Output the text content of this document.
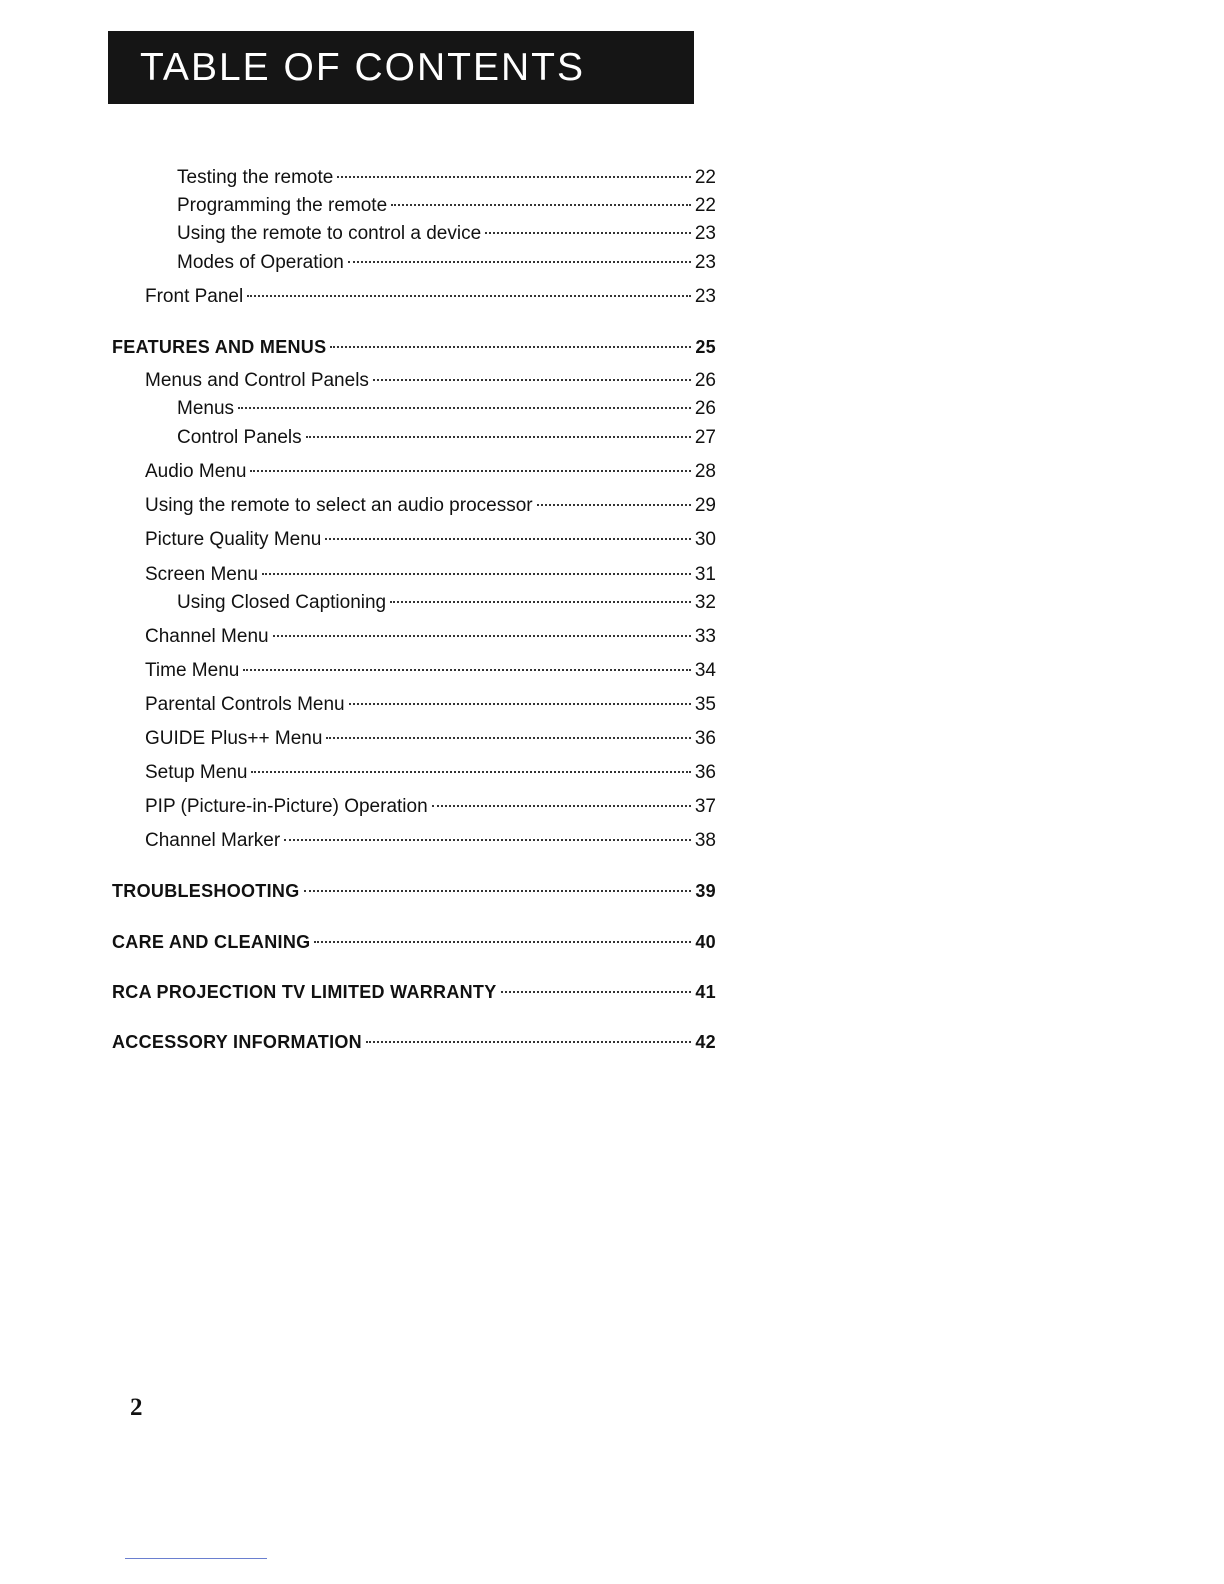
TABLE OF CONTENTS
Testing the remote	22
Programming the remote	22
Using the remote to control a device	23
Modes of Operation	23
Front Panel	23
FEATURES AND MENUS	25
Menus and Control Panels	26
Menus	26
Control Panels	27
Audio Menu	28
Using the remote to select an audio processor	29
Picture Quality Menu	30
Screen Menu	31
Using Closed Captioning	32
Channel Menu	33
Time Menu	34
Parental Controls Menu	35
GUIDE Plus++ Menu	36
Setup Menu	36
PIP (Picture-in-Picture) Operation	37
Channel Marker	38
TROUBLESHOOTING	39
CARE AND CLEANING	40
RCA PROJECTION TV LIMITED WARRANTY	41
ACCESSORY INFORMATION	42
2
